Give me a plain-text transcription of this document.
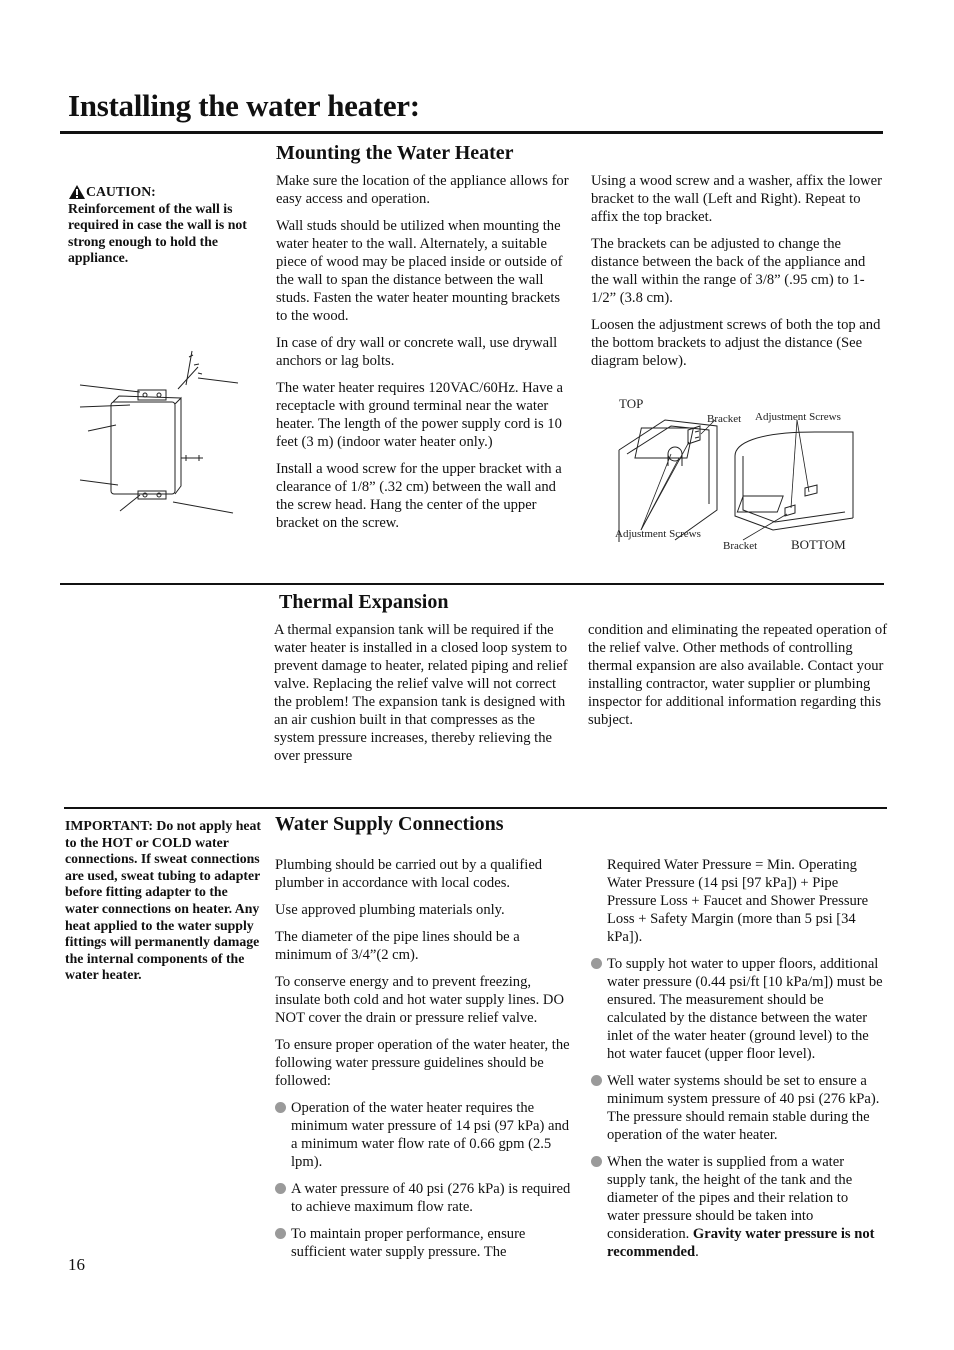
Installing the water heater:
Mounting the Water Heater
CAUTION:

Reinforcement of the wall is required in case the wall is not strong enough to hold the appliance.

Make sure the location of the appliance allows for easy access and operation.

Wall studs should be utilized when mounting the water heater to the wall. Alternately, a suitable piece of wood may be placed inside or outside of the wall to span the distance between the wall studs. Fasten the water heater mounting brackets to the wood.

In case of dry wall or concrete wall, use drywall anchors or lag bolts.

The water heater requires 120VAC/60Hz. Have a receptacle with ground terminal near the water heater. The length of the power supply cord is 10 feet (3 m) (indoor water heater only.)

Install a wood screw for the upper bracket with a clearance of 1/8” (.32 cm) between the wall and the screw head. Hang the center of the upper bracket on the screw.

Using a wood screw and a washer, affix the lower bracket to the wall (Left and Right). Repeat to affix the top bracket.

The brackets can be adjusted to change the distance between the back of the appliance and the wall within the range of 3/8” (.95 cm) to 1-1/2” (3.8 cm).

Loosen the adjustment screws of both the top and the bottom brackets to adjust the distance (See diagram below).

TOP
Bracket Adjustment Screws
Adjustment Screws
Bracket	BOTTOM
Thermal Expansion

A thermal expansion tank will be required if the water heater is installed in a closed loop system to prevent damage to heater, related piping and relief valve. Replacing the relief valve will not correct the problem! The expansion tank is designed with an air cushion built in that compresses as the system pressure increases, thereby relieving the over pressure

condition and eliminating the repeated operation of the relief valve. Other methods of controlling thermal expansion are also available. Contact your installing contractor, water supplier or plumbing inspector for additional information regarding this subject.

Water Supply Connections

IMPORTANT: Do not apply heat to the HOT or COLD water connections. If sweat connections are used, sweat tubing to adapter before fitting adapter to the water connections on heater. Any heat applied to the water supply fittings will permanently damage the internal components of the water heater.

Plumbing should be carried out by a qualified plumber in accordance with local codes.

Use approved plumbing materials only.

The diameter of the pipe lines should be a minimum of 3/4”(2 cm).

To conserve energy and to prevent freezing, insulate both cold and hot water supply lines. DO NOT cover the drain or pressure relief valve.

To ensure proper operation of the water heater, the following water pressure guidelines should be followed:

Operation of the water heater requires the minimum water pressure of 14 psi (97 kPa) and a minimum water flow rate of 0.66 gpm (2.5 lpm).
A water pressure of 40 psi (276 kPa) is required to achieve maximum flow rate.
To maintain proper performance, ensure sufficient water supply pressure. The

Required Water Pressure = Min. Operating Water Pressure (14 psi [97 kPa]) + Pipe Pressure Loss + Faucet and Shower Pressure Loss + Safety Margin (more than 5 psi [34 kPa]).

To supply hot water to upper floors, additional water pressure (0.44 psi/ft [10 kPa/m]) must be ensured. The measurement should be calculated by the distance between the water inlet of the water heater (ground level) to the hot water faucet (upper floor level).
Well water systems should be set to ensure a minimum system pressure of 40 psi (276 kPa). The pressure should remain stable during the operation of the water heater.
When the water is supplied from a water supply tank, the height of the tank and the diameter of the pipes and their relation to water pressure should be taken into consideration. Gravity water pressure is not recommended.
16
